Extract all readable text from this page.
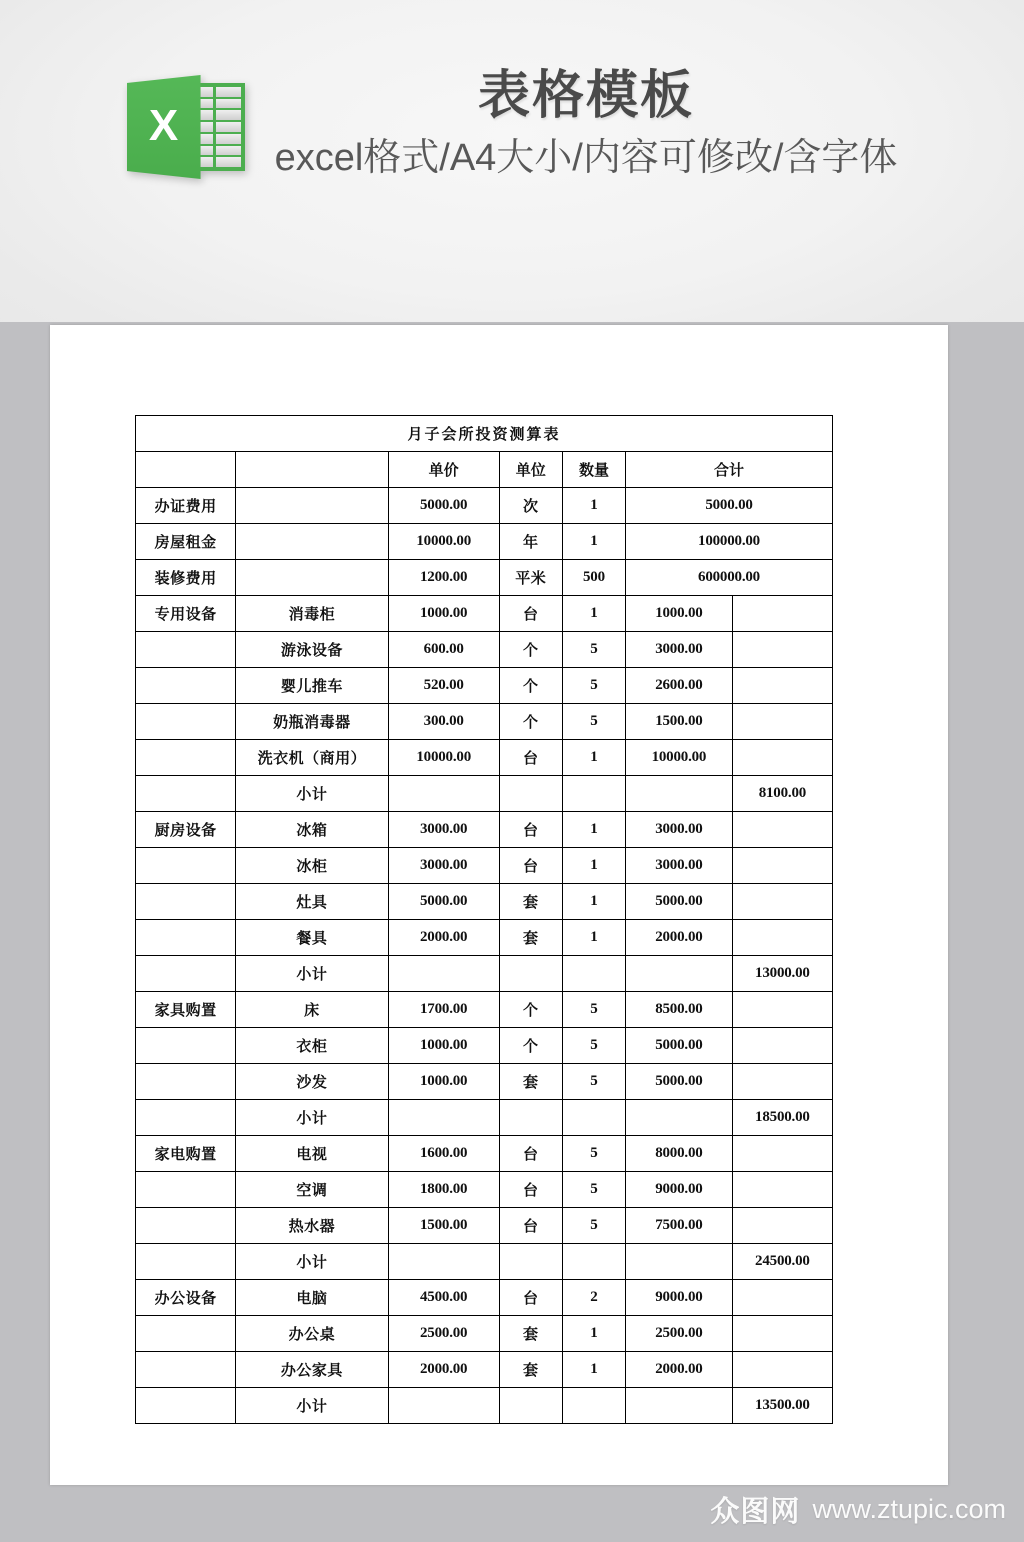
X
表格模板
excel格式/A4大小/内容可修改/含字体
月子会所投资测算表						
		单价	单位	数量	合计	
办证费用		5000.00	次	1	5000.00	
房屋租金		10000.00	年	1	100000.00	
装修费用		1200.00	平米	500	600000.00	
专用设备	消毒柜	1000.00	台	1	1000.00	
	游泳设备	600.00	个	5	3000.00	
	婴儿推车	520.00	个	5	2600.00	
	奶瓶消毒器	300.00	个	5	1500.00	
	洗衣机（商用）	10000.00	台	1	10000.00	
	小计					8100.00
厨房设备	冰箱	3000.00	台	1	3000.00	
	冰柜	3000.00	台	1	3000.00	
	灶具	5000.00	套	1	5000.00	
	餐具	2000.00	套	1	2000.00	
	小计					13000.00
家具购置	床	1700.00	个	5	8500.00	
	衣柜	1000.00	个	5	5000.00	
	沙发	1000.00	套	5	5000.00	
	小计					18500.00
家电购置	电视	1600.00	台	5	8000.00	
	空调	1800.00	台	5	9000.00	
	热水器	1500.00	台	5	7500.00	
	小计					24500.00
办公设备	电脑	4500.00	台	2	9000.00	
	办公桌	2500.00	套	1	2500.00	
	办公家具	2000.00	套	1	2000.00	
	小计					13500.00
众图网 www.ztupic.com
